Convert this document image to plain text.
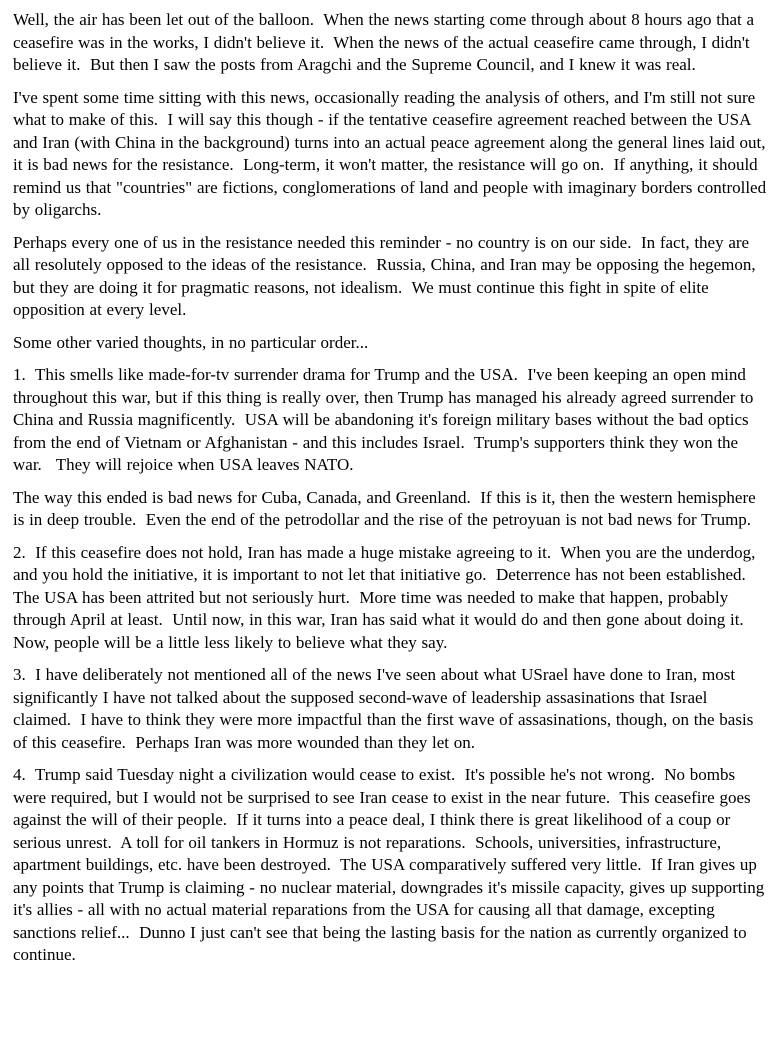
Well, the air has been let out of the balloon.  When the news starting come through about 8 hours ago that a ceasefire was in the works, I didn't believe it.  When the news of the actual ceasefire came through, I didn't believe it.  But then I saw the posts from Aragchi and the Supreme Council, and I knew it was real.

I've spent some time sitting with this news, occasionally reading the analysis of others, and I'm still not sure what to make of this.  I will say this though - if the tentative ceasefire agreement reached between the USA and Iran (with China in the background) turns into an actual peace agreement along the general lines laid out, it is bad news for the resistance.  Long-term, it won't matter, the resistance will go on.  If anything, it should remind us that "countries" are fictions, conglomerations of land and people with imaginary borders controlled by oligarchs.

Perhaps every one of us in the resistance needed this reminder - no country is on our side.  In fact, they are all resolutely opposed to the ideas of the resistance.  Russia, China, and Iran may be opposing the hegemon, but they are doing it for pragmatic reasons, not idealism.  We must continue this fight in spite of elite opposition at every level.

Some other varied thoughts, in no particular order...

1.  This smells like made-for-tv surrender drama for Trump and the USA.  I've been keeping an open mind throughout this war, but if this thing is really over, then Trump has managed his already agreed surrender to China and Russia magnificently.  USA will be abandoning it's foreign military bases without the bad optics from the end of Vietnam or Afghanistan - and this includes Israel.  Trump's supporters think they won the war.   They will rejoice when USA leaves NATO.

The way this ended is bad news for Cuba, Canada, and Greenland.  If this is it, then the western hemisphere is in deep trouble.  Even the end of the petrodollar and the rise of the petroyuan is not bad news for Trump.

2.  If this ceasefire does not hold, Iran has made a huge mistake agreeing to it.  When you are the underdog, and you hold the initiative, it is important to not let that initiative go.  Deterrence has not been established.  The USA has been attrited but not seriously hurt.  More time was needed to make that happen, probably through April at least.  Until now, in this war, Iran has said what it would do and then gone about doing it.  Now, people will be a little less likely to believe what they say.

3.  I have deliberately not mentioned all of the news I've seen about what USrael have done to Iran, most significantly I have not talked about the supposed second-wave of leadership assasinations that Israel claimed.  I have to think they were more impactful than the first wave of assasinations, though, on the basis of this ceasefire.  Perhaps Iran was more wounded than they let on.

4.  Trump said Tuesday night a civilization would cease to exist.  It's possible he's not wrong.  No bombs were required, but I would not be surprised to see Iran cease to exist in the near future.  This ceasefire goes against the will of their people.  If it turns into a peace deal, I think there is great likelihood of a coup or serious unrest.  A toll for oil tankers in Hormuz is not reparations.  Schools, universities, infrastructure, apartment buildings, etc. have been destroyed.  The USA comparatively suffered very little.  If Iran gives up any points that Trump is claiming - no nuclear material, downgrades it's missile capacity, gives up supporting it's allies - all with no actual material reparations from the USA for causing all that damage, excepting sanctions relief...  Dunno I just can't see that being the lasting basis for the nation as currently organized to continue.
